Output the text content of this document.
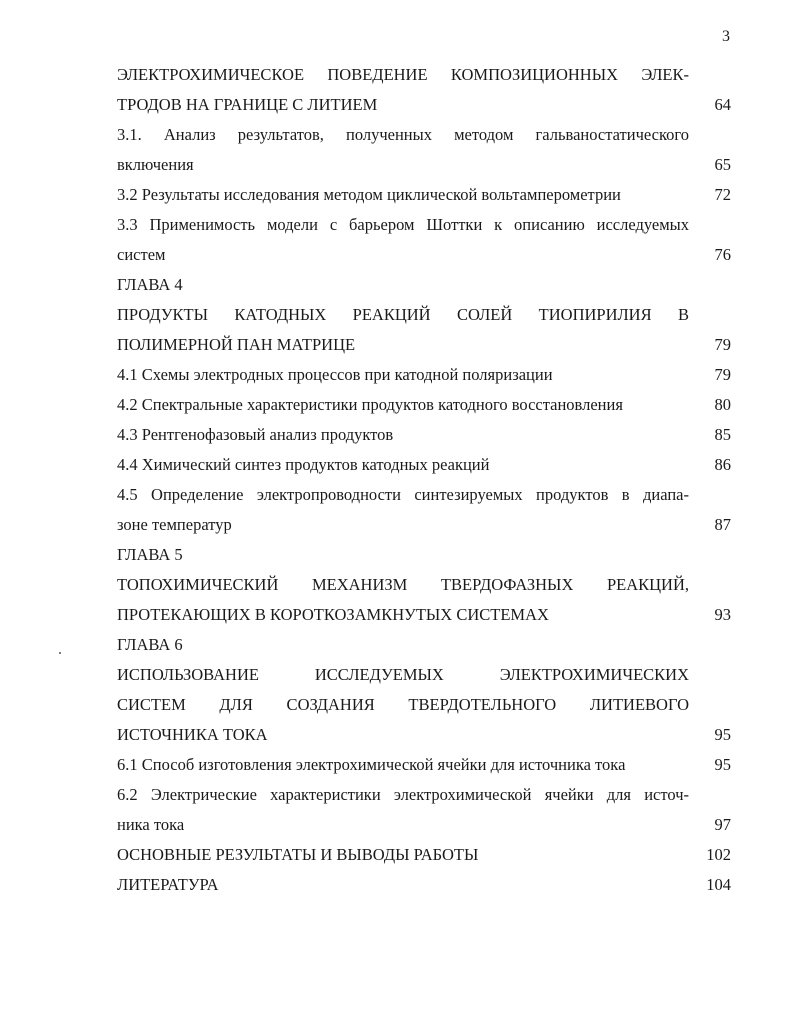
3
ЭЛЕКТРОХИМИЧЕСКОЕ ПОВЕДЕНИЕ КОМПОЗИЦИОННЫХ ЭЛЕК-
ТРОДОВ НА ГРАНИЦЕ С ЛИТИЕМ	64
3.1. Анализ результатов, полученных методом гальваностатического
включения	65
3.2 Результаты исследования методом циклической вольтамперометрии	72
3.3 Применимость модели с барьером Шоттки к описанию исследуемых
систем	76
ГЛАВА 4
ПРОДУКТЫ КАТОДНЫХ РЕАКЦИЙ СОЛЕЙ ТИОПИРИЛИЯ В
ПОЛИМЕРНОЙ ПАН МАТРИЦЕ	79
4.1 Схемы электродных процессов при катодной поляризации	79
4.2 Спектральные характеристики продуктов катодного восстановления	80
4.3 Рентгенофазовый анализ продуктов	85
4.4 Химический синтез продуктов катодных реакций	86
4.5 Определение электропроводности синтезируемых продуктов в диапа-
зоне температур	87
ГЛАВА 5
ТОПОХИМИЧЕСКИЙ МЕХАНИЗМ ТВЕРДОФАЗНЫХ РЕАКЦИЙ,
ПРОТЕКАЮЩИХ В КОРОТКОЗАМКНУТЫХ СИСТЕМАХ	93
ГЛАВА 6
ИСПОЛЬЗОВАНИЕ ИССЛЕДУЕМЫХ ЭЛЕКТРОХИМИЧЕСКИХ
СИСТЕМ ДЛЯ СОЗДАНИЯ ТВЕРДОТЕЛЬНОГО ЛИТИЕВОГО
ИСТОЧНИКА ТОКА	95
6.1 Способ изготовления электрохимической ячейки для источника тока	95
6.2 Электрические характеристики электрохимической ячейки для источ-
ника тока	97
ОСНОВНЫЕ РЕЗУЛЬТАТЫ И ВЫВОДЫ РАБОТЫ	102
ЛИТЕРАТУРА	104
